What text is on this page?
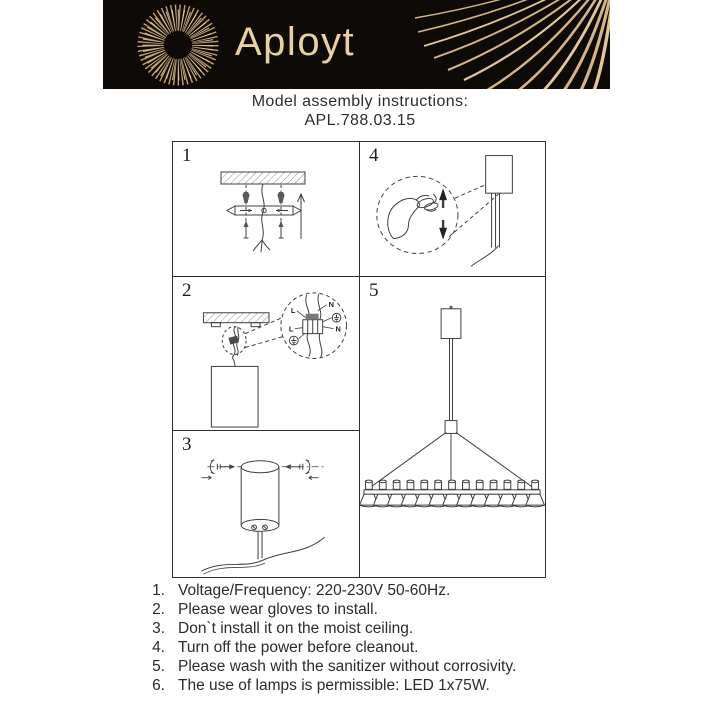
Aployt
Model assembly instructions:
APL.788.03.15
1	4
2
N
L
L	N
5
3
1. Voltage/Frequency: 220-230V 50-60Hz.
2. Please wear gloves to install.
3. Don`t install it on the moist ceiling.
4. Turn off the power before cleanout.
5. Please wash with the sanitizer without corrosivity.
6. The use of lamps is permissible: LED 1x75W.
